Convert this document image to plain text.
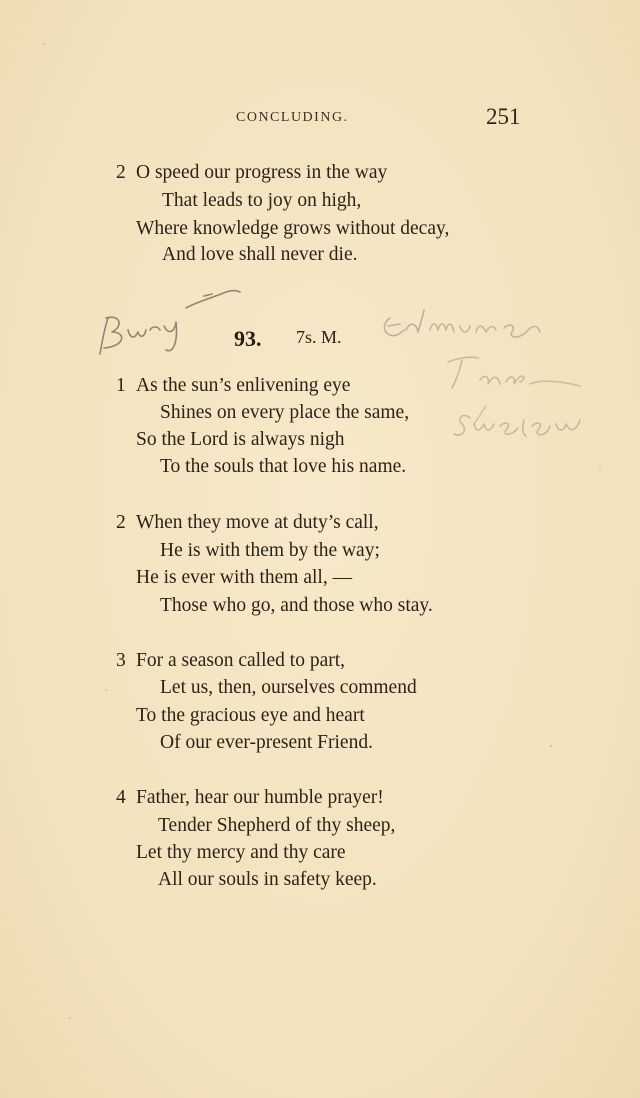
CONCLUDING.	251
2 O speed our progress in the way
That leads to joy on high,
Where knowledge grows without decay,
And love shall never die.
93. 7s. M.
1 As the sun’s enlivening eye
Shines on every place the same,
So the Lord is always nigh
To the souls that love his name.
2 When they move at duty’s call,
He is with them by the way;
He is ever with them all, —
Those who go, and those who stay.
3 For a season called to part,
Let us, then, ourselves commend
To the gracious eye and heart
Of our ever-present Friend.
4 Father, hear our humble prayer!
Tender Shepherd of thy sheep,
Let thy mercy and thy care
All our souls in safety keep.
